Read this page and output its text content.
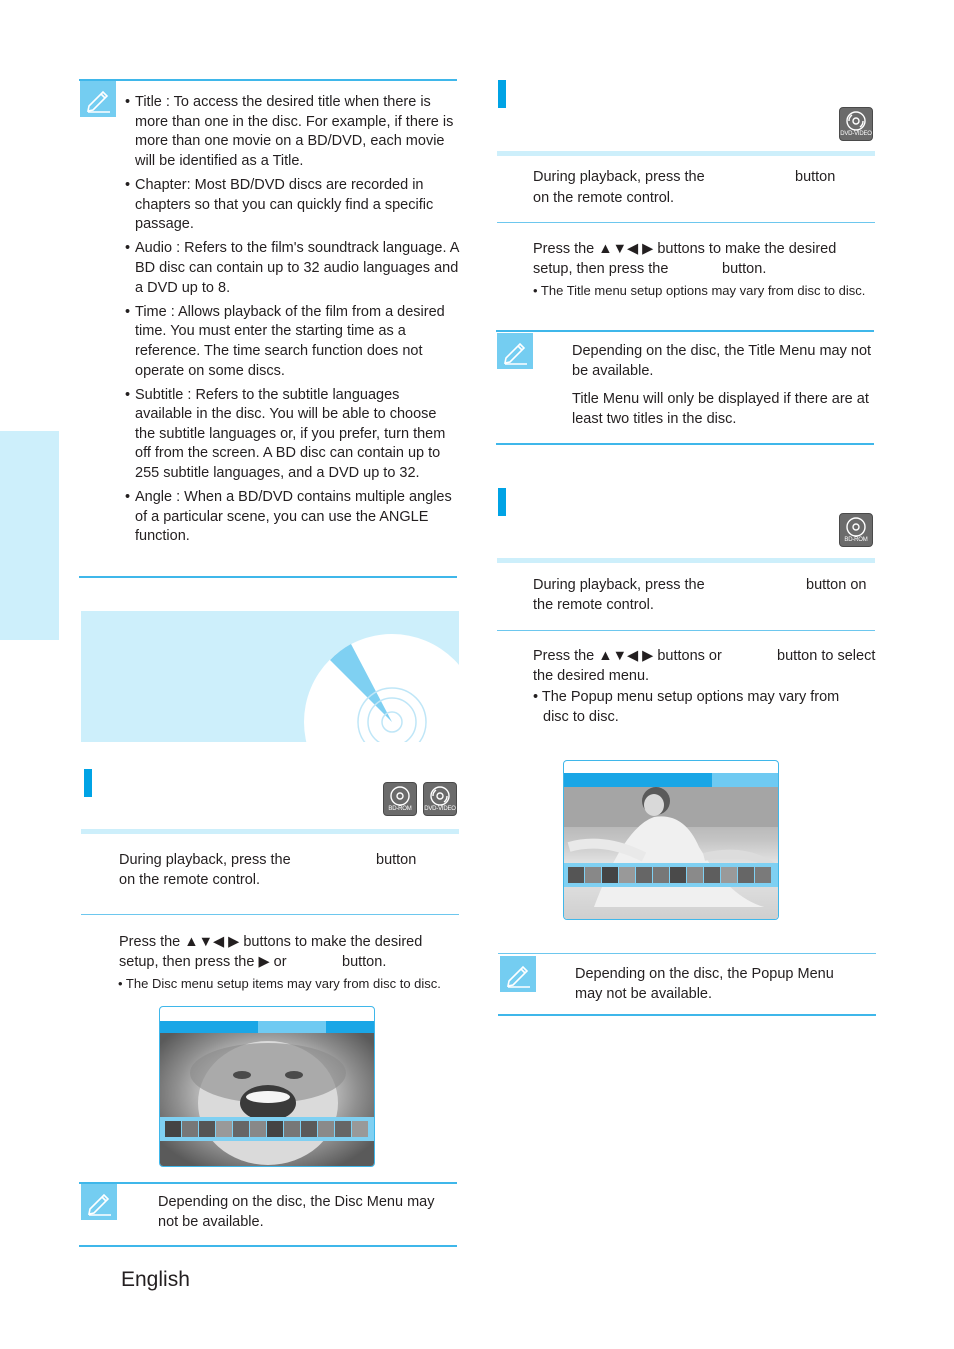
• Title : To access the desired title when there is more than one in the disc. For example, if there is more than one movie on a BD/DVD, each movie will be identified as a Title.
• Chapter: Most BD/DVD discs are recorded in chapters so that you can quickly find a specific passage.
• Audio : Refers to the film's soundtrack language. A BD disc can contain up to 32 audio languages and a DVD up to 8.
• Time : Allows playback of the film from a desired time. You must enter the starting time as a reference. The time search function does not operate on some discs.
• Subtitle : Refers to the subtitle languages available in the disc. You will be able to choose the subtitle languages or, if you prefer, turn them off from the screen. A BD disc can contain up to 255 subtitle languages, and a DVD up to 32.
• Angle : When a BD/DVD contains multiple angles of a particular scene, you can use the ANGLE function.
BD-ROM	DVD-VIDEO
During playback, press the	button
on the remote control.
Press the ▲▼◀ ▶ buttons to make the desired
setup, then press the ▶ or	button.
• The Disc menu setup items may vary from disc to disc.
Depending on the disc, the Disc Menu may not be available.
English
DVD-VIDEO
During playback, press the	button
on the remote control.
Press the ▲▼◀ ▶ buttons to make the desired
setup, then press the	button.
• The Title menu setup options may vary from disc to disc.
Depending on the disc, the Title Menu may not be available.
Title Menu will only be displayed if there are at least two titles in the disc.
BD-ROM
During playback, press the	button on
the remote control.
Press the ▲▼◀ ▶ buttons or	button to select
the desired menu.
• The Popup menu setup options may vary from
disc to disc.
Depending on the disc, the Popup Menu may not be available.
